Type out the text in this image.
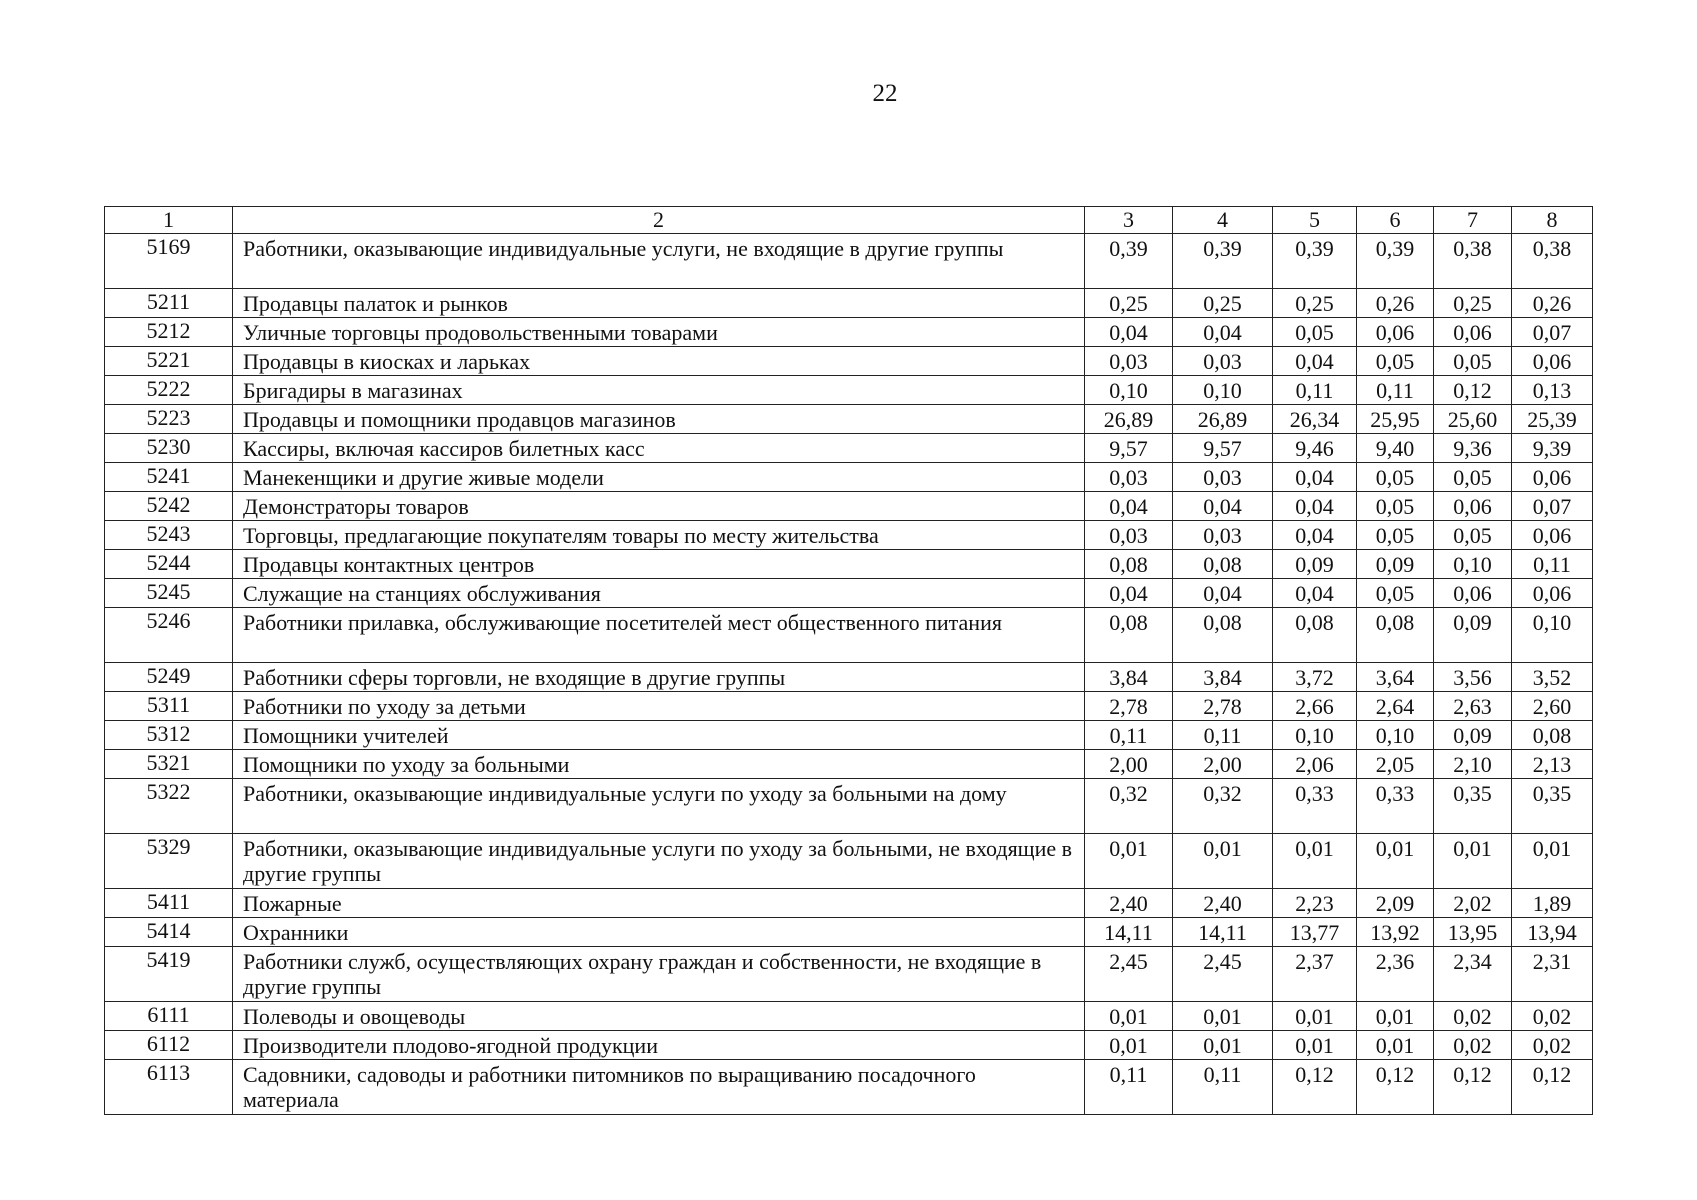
22
1	2	3	4	5	6	7	8
5169	Работники, оказывающие индивидуальные услуги, не входящие в другие группы	0,39	0,39	0,39	0,39	0,38	0,38
5211	Продавцы палаток и рынков	0,25	0,25	0,25	0,26	0,25	0,26
5212	Уличные торговцы продовольственными товарами	0,04	0,04	0,05	0,06	0,06	0,07
5221	Продавцы в киосках и ларьках	0,03	0,03	0,04	0,05	0,05	0,06
5222	Бригадиры в магазинах	0,10	0,10	0,11	0,11	0,12	0,13
5223	Продавцы и помощники продавцов магазинов	26,89	26,89	26,34	25,95	25,60	25,39
5230	Кассиры, включая кассиров билетных касс	9,57	9,57	9,46	9,40	9,36	9,39
5241	Манекенщики и другие живые модели	0,03	0,03	0,04	0,05	0,05	0,06
5242	Демонстраторы товаров	0,04	0,04	0,04	0,05	0,06	0,07
5243	Торговцы, предлагающие покупателям товары по месту жительства	0,03	0,03	0,04	0,05	0,05	0,06
5244	Продавцы контактных центров	0,08	0,08	0,09	0,09	0,10	0,11
5245	Служащие на станциях обслуживания	0,04	0,04	0,04	0,05	0,06	0,06
5246	Работники прилавка, обслуживающие посетителей мест общественного питания	0,08	0,08	0,08	0,08	0,09	0,10
5249	Работники сферы торговли, не входящие в другие группы	3,84	3,84	3,72	3,64	3,56	3,52
5311	Работники по уходу за детьми	2,78	2,78	2,66	2,64	2,63	2,60
5312	Помощники учителей	0,11	0,11	0,10	0,10	0,09	0,08
5321	Помощники по уходу за больными	2,00	2,00	2,06	2,05	2,10	2,13
5322	Работники, оказывающие индивидуальные услуги по уходу за больными на дому	0,32	0,32	0,33	0,33	0,35	0,35
5329	Работники, оказывающие индивидуальные услуги по уходу за больными, не входящие в другие группы	0,01	0,01	0,01	0,01	0,01	0,01
5411	Пожарные	2,40	2,40	2,23	2,09	2,02	1,89
5414	Охранники	14,11	14,11	13,77	13,92	13,95	13,94
5419	Работники служб, осуществляющих охрану граждан и собственности, не входящие в другие группы	2,45	2,45	2,37	2,36	2,34	2,31
6111	Полеводы и овощеводы	0,01	0,01	0,01	0,01	0,02	0,02
6112	Производители плодово-ягодной продукции	0,01	0,01	0,01	0,01	0,02	0,02
6113	Садовники, садоводы и работники питомников по выращиванию посадочного материала	0,11	0,11	0,12	0,12	0,12	0,12
